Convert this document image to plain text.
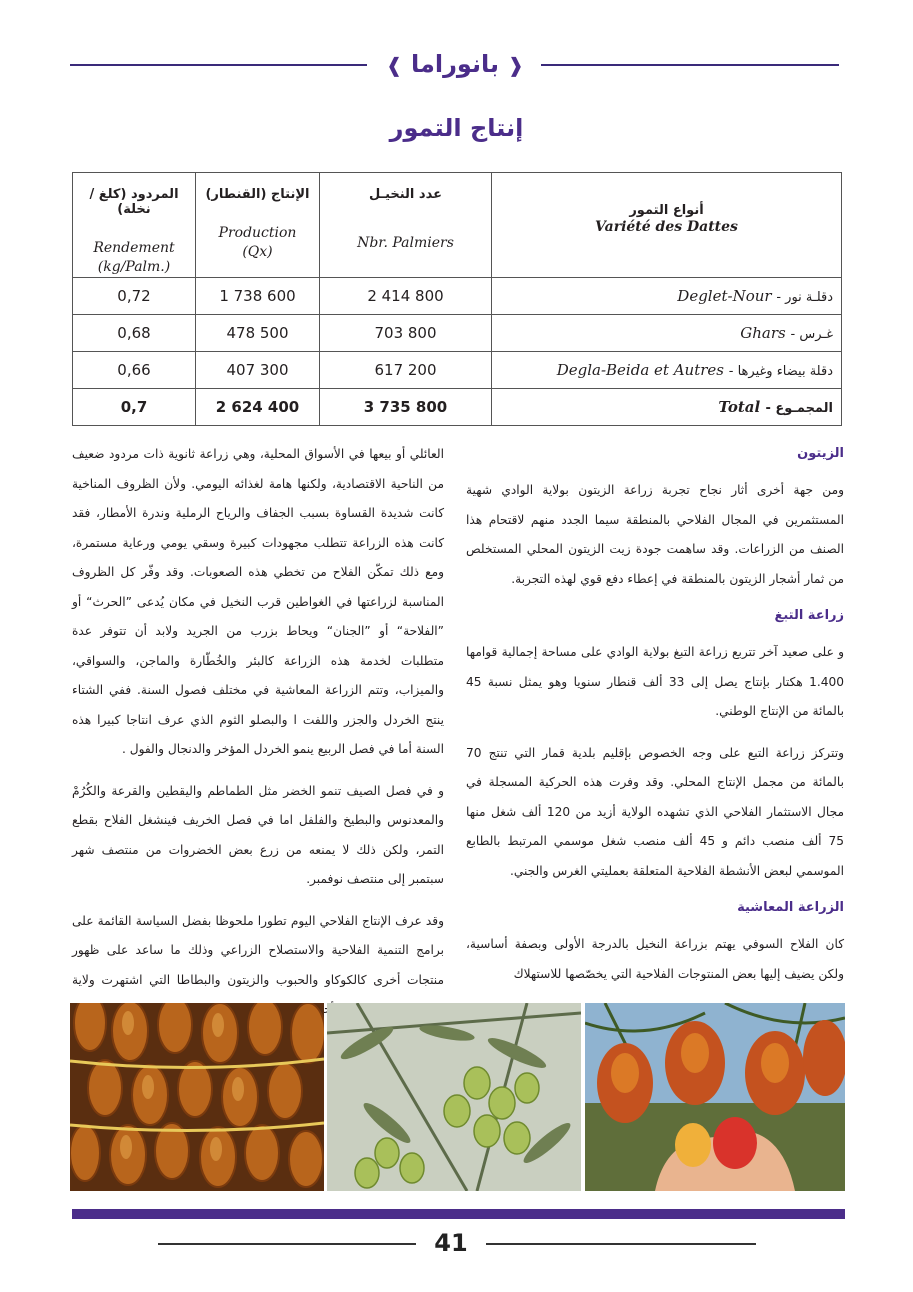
❰ بانوراما ❱
إنتاج التمور
المردود (كلغ /نخلة)
Rendement
(kg/Palm.)	الإنتاج (القنطار)
Production
(Qx)	عدد النخيـل
Nbr. Palmiers	أنواع التمور
Variété des Dattes

0,72	1 738 600	2 414 800	دقلـة نور - Deglet-Nour
0,68	478 500	703 800	غـرس - Ghars
0,66	407 300	617 200	دقلة بيضاء وغيرها - Degla-Beida et Autres
0,7	2 624 400	3 735 800	المجمـوع - Total
الزيتون

ومن جهة أخرى أثار نجاح تجربة زراعة الزيتون بولاية الوادي شهية المستثمرين في المجال الفلاحي بالمنطقة سيما الجدد منهم لاقتحام هذا الصنف من الزراعات. وقد ساهمت جودة زيت الزيتون المحلي المستخلص من ثمار أشجار الزيتون بالمنطقة في إعطاء دفع قوي لهذه التجربة.

زراعة التبغ

و على صعيد آخر تتربع زراعة التبغ بولاية الوادي على مساحة إجمالية قوامها 1.400 هكتار بإنتاج يصل إلى 33 ألف قنطار سنويا وهو يمثل نسبة 45 بالمائة من الإنتاج الوطني.

وتتركز زراعة التبع على وجه الخصوص بإقليم بلدية قمار التي تنتج 70 بالمائة من مجمل الإنتاج المحلي. وقد وفرت هذه الحركية المسجلة في مجال الاستثمار الفلاحي الذي تشهده الولاية أزيد من 120 ألف شغل منها 75 ألف منصب دائم و 45 ألف منصب شغل موسمي المرتبط بالطابع الموسمي لبعض الأنشطة الفلاحية المتعلقة بعمليتي الغرس والجني.

الزراعة المعاشية

كان الفلاح السوفي يهتم بزراعة النخيل بالدرجة الأولى وبصفة أساسية، ولكن يضيف إليها بعض المنتوجات الفلاحية التي يخصّصها للاستهلاك

العائلي أو بيعها في الأسواق المحلية، وهي زراعة ثانوية ذات مردود ضعيف من الناحية الاقتصادية، ولكنها هامة لغذائه اليومي. ولأن الظروف المناخية كانت شديدة القساوة بسبب الجفاف والرياح الرملية وندرة الأمطار، فقد كانت هذه الزراعة تتطلب مجهودات كبيرة وسقي يومي ورعاية مستمرة، ومع ذلك تمكّن الفلاح من تخطي هذه الصعوبات. وقد وفّر كل الظروف المناسبة لزراعتها في الغواطين قرب النخيل في مكان يُدعى ”الحرث“ أو ”الفلاحة“ أو ”الجنان“ ويحاط بزرب من الجريد ولابد أن تتوفر عدة متطلبات لخدمة هذه الزراعة كالبئر والخُطّارة والماجن، والسواقي، والميزاب، وتتم الزراعة المعاشية في مختلف فصول السنة. ففي الشتاء ينتج الخردل والجزر واللفت ا والبصلو الثوم الذي عرف انتاجا كبيرا هذه السنة أما في فصل الربيع ينمو الخردل المؤخر والدنجال والفول .

و في فصل الصيف تنمو الخضر مثل الطماطم واليقطين والقرعة والكُرُمْ والمعدنوس والبطيخ والفلفل اما في فصل الخريف فينشغل الفلاح بقطع التمر، ولكن ذلك لا يمنعه من زرع بعض الخضروات من منتصف شهر سبتمبر إلى منتصف نوفمبر.

وقد عرف الإنتاج الفلاحي اليوم تطورا ملحوظا بفضل السياسة القائمة على برامج التنمية الفلاحية والاستصلاح الزراعي وذلك ما ساعد على ظهور منتجات أخرى كالكوكاو والحبوب والزيتون والبطاطا التي اشتهرت ولاية الأخيرة

41
